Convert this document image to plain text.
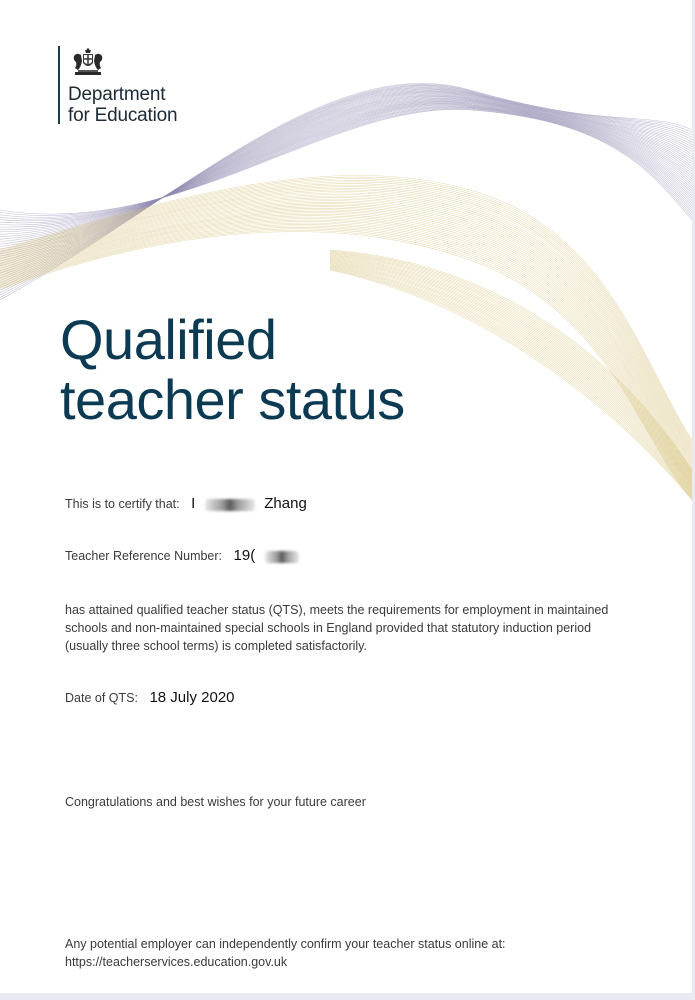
Department
for Education
Qualified
teacher status
This is to certify that: I	Zhang
Teacher Reference Number: 19(
has attained qualified teacher status (QTS), meets the requirements for employment in maintained schools and non-maintained special schools in England provided that statutory induction period (usually three school terms) is completed satisfactorily.
Date of QTS: 18 July 2020
Congratulations and best wishes for your future career
Any potential employer can independently confirm your teacher status online at:
https://teacherservices.education.gov.uk
